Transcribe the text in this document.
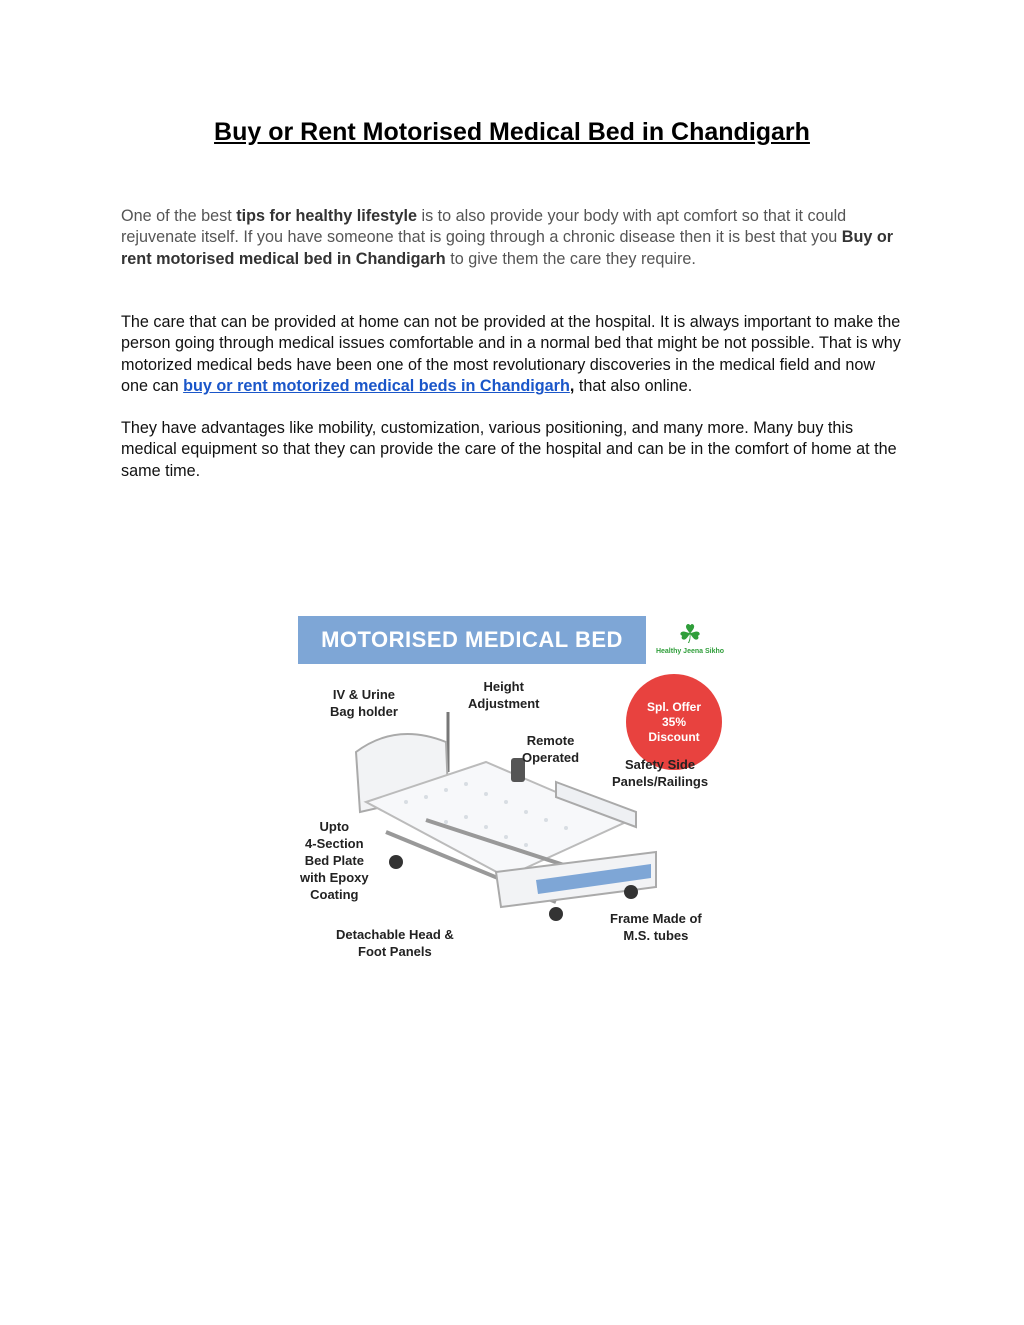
Buy or Rent Motorised Medical Bed in Chandigarh

One of the best tips for healthy lifestyle is to also provide your body with apt comfort so that it could rejuvenate itself. If you have someone that is going through a chronic disease then it is best that you Buy or rent motorised medical bed in Chandigarh to give them the care they require.

The care that can be provided at home can not be provided at the hospital. It is always important to make the person going through medical issues comfortable and in a normal bed that might be not possible. That is why motorized medical beds have been one of the most revolutionary discoveries in the medical field and now one can buy or rent motorized medical beds in Chandigarh, that also online.

They have advantages like mobility, customization, various positioning, and many more. Many buy this medical equipment so that they can provide the care of the hospital and can be in the comfort of home at the same time.

MOTORISED MEDICAL BED	☘
Healthy Jeena Sikho
Spl. Offer
35%
Discount
IV & Urine
Bag holder
Height
Adjustment
Remote
Operated	Safety Side
Panels/Railings
Upto
4-Section
Bed Plate
with Epoxy
Coating
Frame Made of
M.S. tubes
Detachable Head &
Foot Panels
